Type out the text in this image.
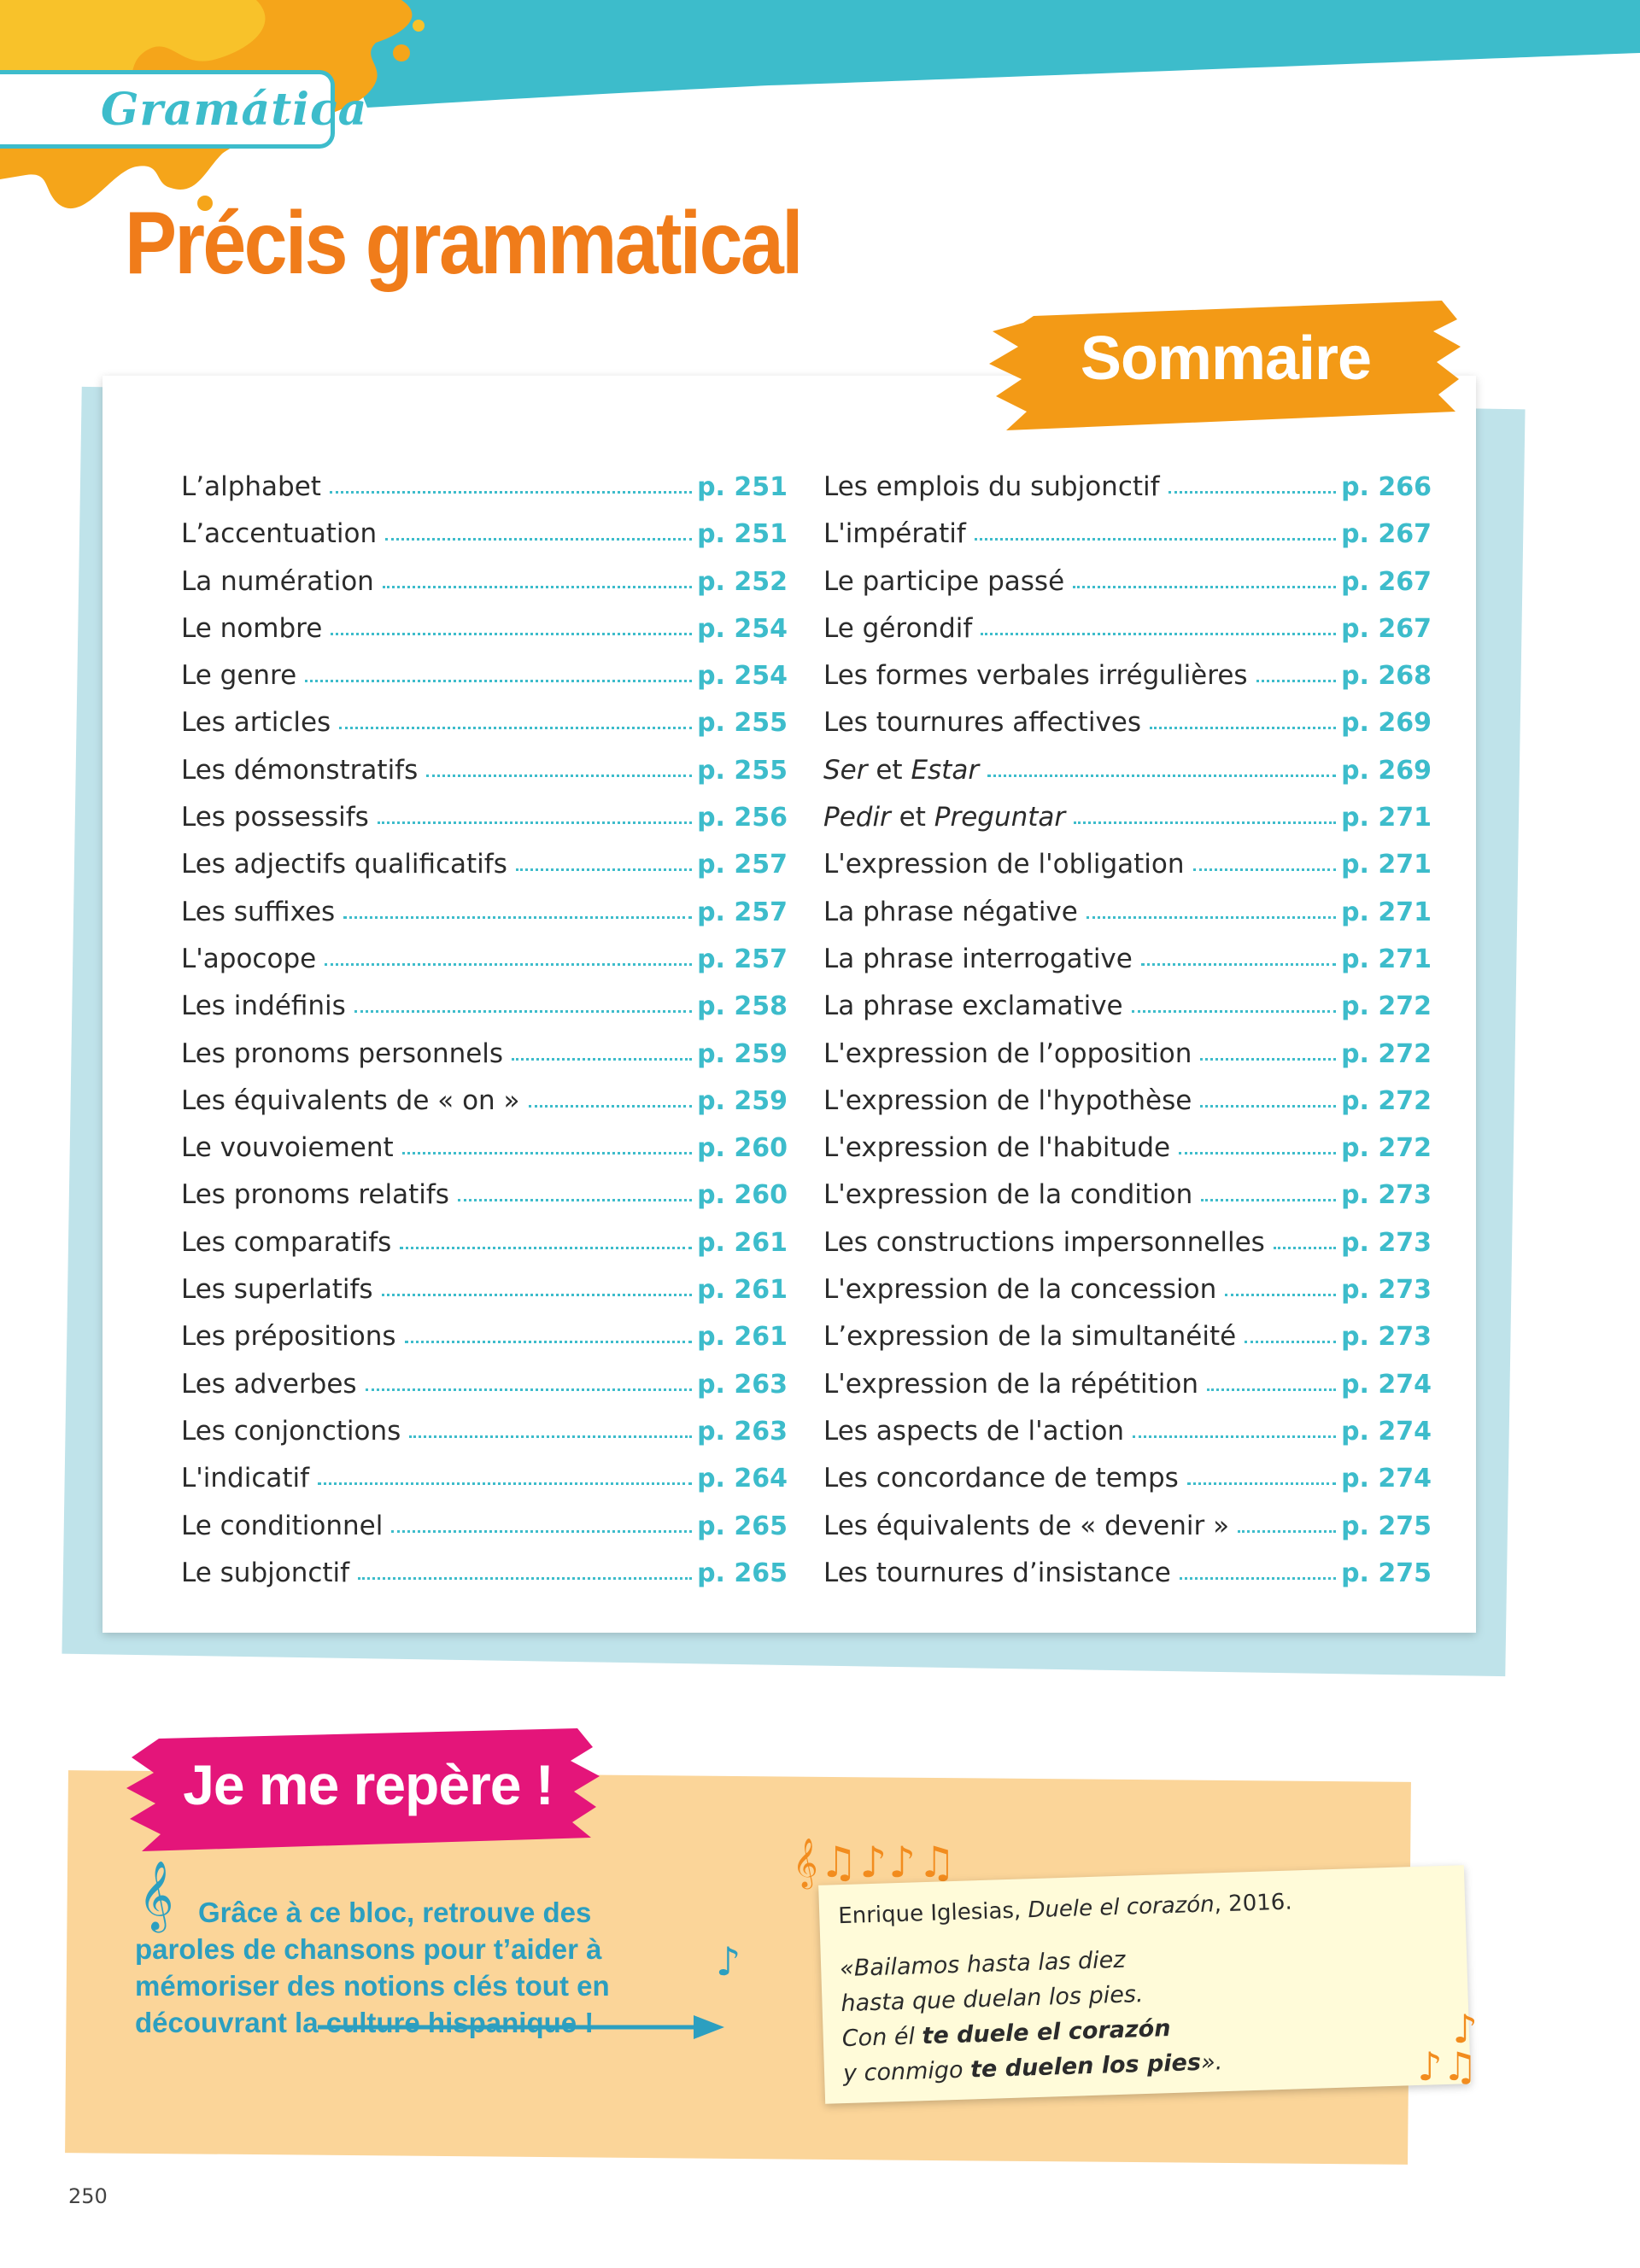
Gramática
Précis grammatical
Sommaire
L’alphabet	p. 251
L’accentuation	p. 251
La numération	p. 252
Le nombre	p. 254
Le genre	p. 254
Les articles	p. 255
Les démonstratifs	p. 255
Les possessifs	p. 256
Les adjectifs qualificatifs	p. 257
Les suffixes	p. 257
L'apocope	p. 257
Les indéfinis	p. 258
Les pronoms personnels	p. 259
Les équivalents de « on »	p. 259
Le vouvoiement	p. 260
Les pronoms relatifs	p. 260
Les comparatifs	p. 261
Les superlatifs	p. 261
Les prépositions	p. 261
Les adverbes	p. 263
Les conjonctions	p. 263
L'indicatif	p. 264
Le conditionnel	p. 265
Le subjonctif	p. 265
Les emplois du subjonctif	p. 266
L'impératif	p. 267
Le participe passé	p. 267
Le gérondif	p. 267
Les formes verbales irrégulières	p. 268
Les tournures affectives	p. 269
Ser et Estar	p. 269
Pedir et Preguntar	p. 271
L'expression de l'obligation	p. 271
La phrase négative	p. 271
La phrase interrogative	p. 271
La phrase exclamative	p. 272
L'expression de l’opposition	p. 272
L'expression de l'hypothèse	p. 272
L'expression de l'habitude	p. 272
L'expression de la condition	p. 273
Les constructions impersonnelles	p. 273
L'expression de la concession	p. 273
L’expression de la simultanéité	p. 273
L'expression de la répétition	p. 274
Les aspects de l'action	p. 274
Les concordance de temps	p. 274
Les équivalents de « devenir »	p. 275
Les tournures d’insistance	p. 275
Je me repère !
𝄞 Grâce à ce bloc, retrouve des paroles de chansons pour t’aider à mémoriser des notions clés tout en découvrant la culture hispanique !
♪
𝄞♫♪♪♫
Enrique Iglesias, Duele el corazón, 2016.
«Bailamos hasta las diez
hasta que duelan los pies.
Con él te duele el corazón
y conmigo te duelen los pies».
♪
♪♫
250
